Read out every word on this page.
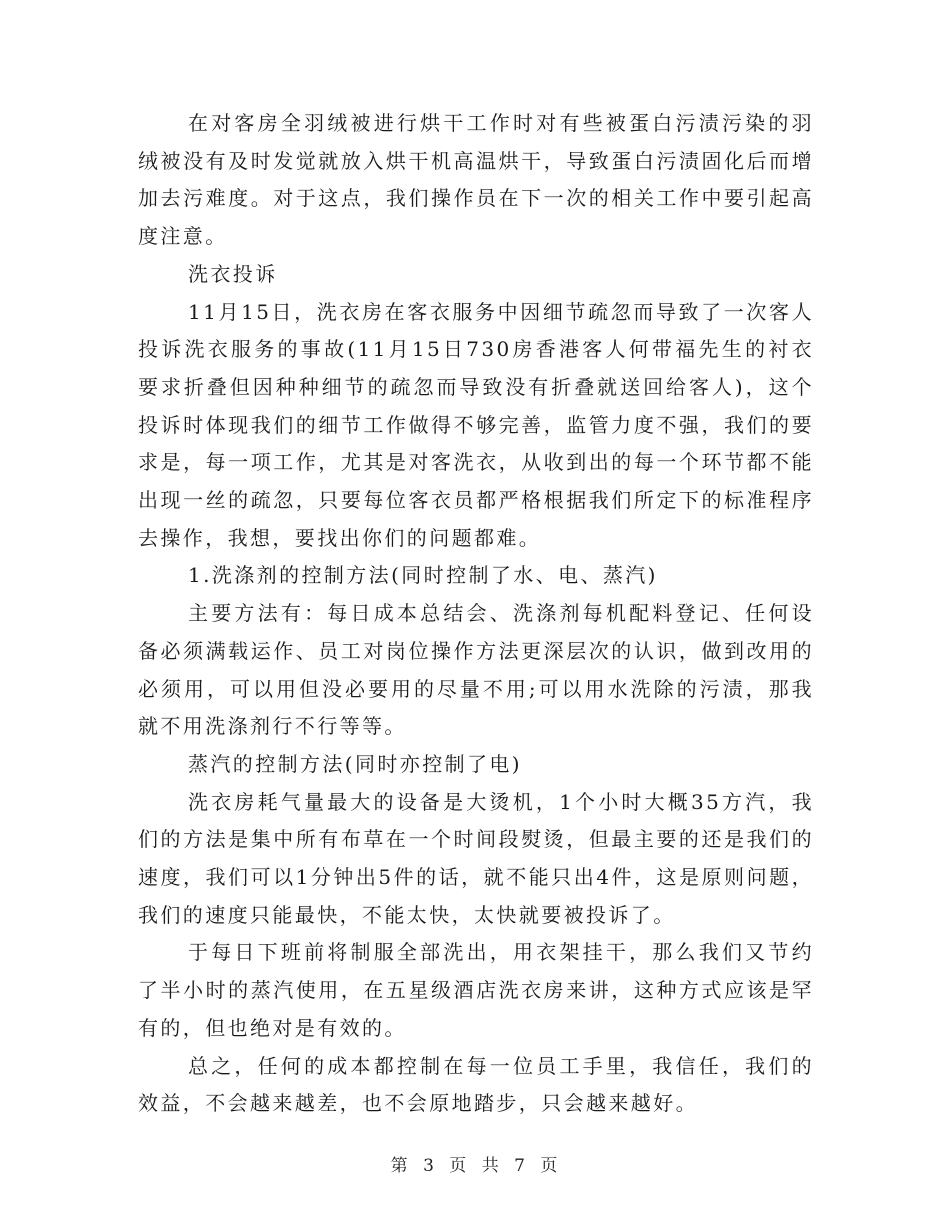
在对客房全羽绒被进行烘干工作时对有些被蛋白污渍污染的羽绒被没有及时发觉就放入烘干机高温烘干，导致蛋白污渍固化后而增加去污难度。对于这点，我们操作员在下一次的相关工作中要引起高度注意。

洗衣投诉

11月15日，洗衣房在客衣服务中因细节疏忽而导致了一次客人投诉洗衣服务的事故(11月15日730房香港客人何带福先生的衬衣要求折叠但因种种细节的疏忽而导致没有折叠就送回给客人)，这个投诉时体现我们的细节工作做得不够完善，监管力度不强，我们的要求是，每一项工作，尤其是对客洗衣，从收到出的每一个环节都不能出现一丝的疏忽，只要每位客衣员都严格根据我们所定下的标准程序去操作，我想，要找出你们的问题都难。

1.洗涤剂的控制方法(同时控制了水、电、蒸汽)

主要方法有：每日成本总结会、洗涤剂每机配料登记、任何设备必须满载运作、员工对岗位操作方法更深层次的认识，做到改用的必须用，可以用但没必要用的尽量不用;可以用水洗除的污渍，那我就不用洗涤剂行不行等等。

蒸汽的控制方法(同时亦控制了电)

洗衣房耗气量最大的设备是大烫机，1个小时大概35方汽，我们的方法是集中所有布草在一个时间段熨烫，但最主要的还是我们的速度，我们可以1分钟出5件的话，就不能只出4件，这是原则问题，我们的速度只能最快，不能太快，太快就要被投诉了。

于每日下班前将制服全部洗出，用衣架挂干，那么我们又节约了半小时的蒸汽使用，在五星级酒店洗衣房来讲，这种方式应该是罕有的，但也绝对是有效的。

总之，任何的成本都控制在每一位员工手里，我信任，我们的效益，不会越来越差，也不会原地踏步，只会越来越好。

第 3 页 共 7 页
